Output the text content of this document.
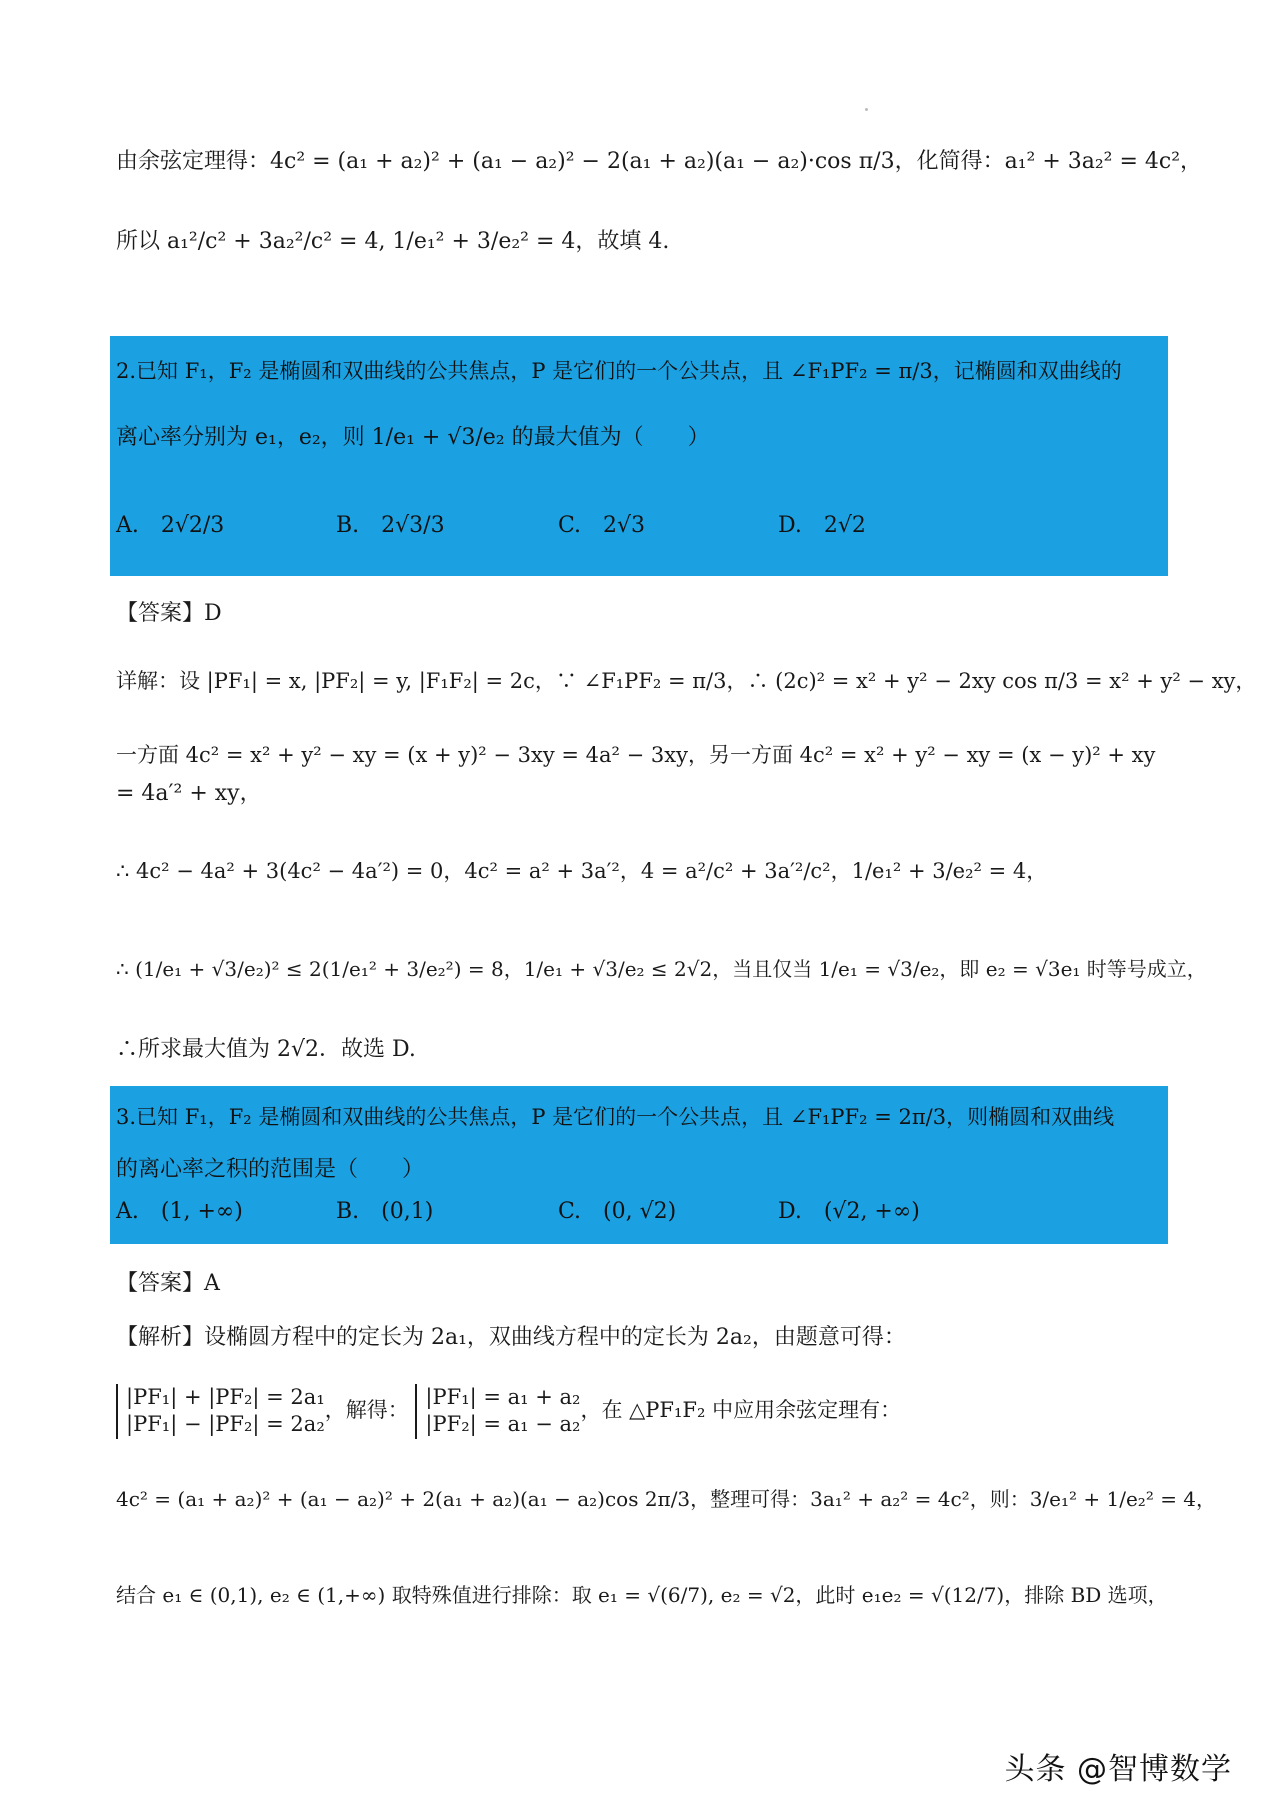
由余弦定理得：4c² = (a₁ + a₂)² + (a₁ − a₂)² − 2(a₁ + a₂)(a₁ − a₂)·cos π/3，化简得：a₁² + 3a₂² = 4c²，
所以 a₁²/c² + 3a₂²/c² = 4, 1/e₁² + 3/e₂² = 4，故填 4.
2.已知 F₁，F₂ 是椭圆和双曲线的公共焦点，P 是它们的一个公共点，且 ∠F₁PF₂ = π/3，记椭圆和双曲线的
离心率分别为 e₁，e₂，则 1/e₁ + √3/e₂ 的最大值为（　　）
A.　2√2/3	B.　2√3/3	C.　2√3	D.　2√2
【答案】D
详解：设 |PF₁| = x, |PF₂| = y, |F₁F₂| = 2c，∵ ∠F₁PF₂ = π/3，∴ (2c)² = x² + y² − 2xy cos π/3 = x² + y² − xy，
一方面 4c² = x² + y² − xy = (x + y)² − 3xy = 4a² − 3xy，另一方面 4c² = x² + y² − xy = (x − y)² + xy
= 4a′² + xy，
∴ 4c² − 4a² + 3(4c² − 4a′²) = 0，4c² = a² + 3a′²，4 = a²/c² + 3a′²/c²，1/e₁² + 3/e₂² = 4，
∴ (1/e₁ + √3/e₂)² ≤ 2(1/e₁² + 3/e₂²) = 8，1/e₁ + √3/e₂ ≤ 2√2，当且仅当 1/e₁ = √3/e₂，即 e₂ = √3e₁ 时等号成立，
∴所求最大值为 2√2．故选 D.
3.已知 F₁，F₂ 是椭圆和双曲线的公共焦点，P 是它们的一个公共点，且 ∠F₁PF₂ = 2π/3，则椭圆和双曲线
的离心率之积的范围是（　　）
A.　(1, +∞)	B.　(0,1)	C.　(0, √2)	D.　(√2, +∞)
【答案】A
【解析】设椭圆方程中的定长为 2a₁，双曲线方程中的定长为 2a₂，由题意可得：
|PF₁| + |PF₂| = 2a₁
|PF₁| − |PF₂| = 2a₂
，解得：
|PF₁| = a₁ + a₂
|PF₂| = a₁ − a₂
，在 △PF₁F₂ 中应用余弦定理有：
4c² = (a₁ + a₂)² + (a₁ − a₂)² + 2(a₁ + a₂)(a₁ − a₂)cos 2π/3，整理可得：3a₁² + a₂² = 4c²，则：3/e₁² + 1/e₂² = 4，
结合 e₁ ∈ (0,1), e₂ ∈ (1,+∞) 取特殊值进行排除：取 e₁ = √(6/7), e₂ = √2，此时 e₁e₂ = √(12/7)，排除 BD 选项，
头条 @智博数学
